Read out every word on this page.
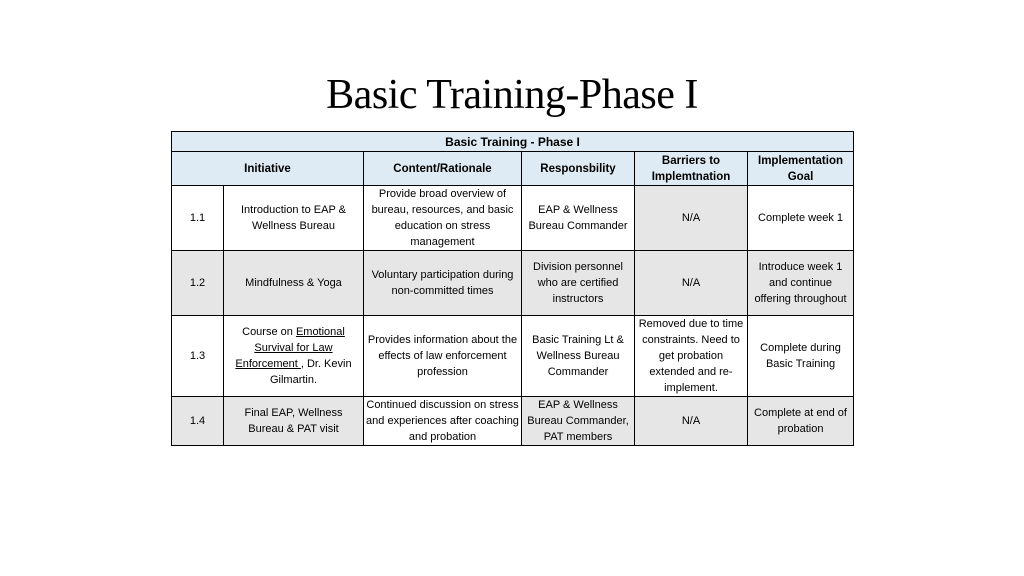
Basic Training-Phase I
Basic Training - Phase I					
Initiative		Content/Rationale	Responsbility	Barriers to Implemtnation	Implementation Goal
1.1	Introduction to EAP & Wellness Bureau	Provide broad overview of bureau, resources, and basic education on stress management	EAP & Wellness Bureau Commander	N/A	Complete week 1
1.2	Mindfulness & Yoga	Voluntary participation during non-committed times	Division personnel who are certified instructors	N/A	Introduce week 1 and continue offering throughout
1.3	Course on Emotional Survival for Law Enforcement , Dr. Kevin Gilmartin.	Provides information about the effects of law enforcement profession	Basic Training Lt & Wellness Bureau Commander	Removed due to time constraints. Need to get probation extended and re-implement.	Complete during Basic Training
1.4	Final EAP, Wellness Bureau & PAT visit	Continued discussion on stress and experiences after coaching and probation	EAP & Wellness Bureau Commander, PAT members	N/A	Complete at end of probation
